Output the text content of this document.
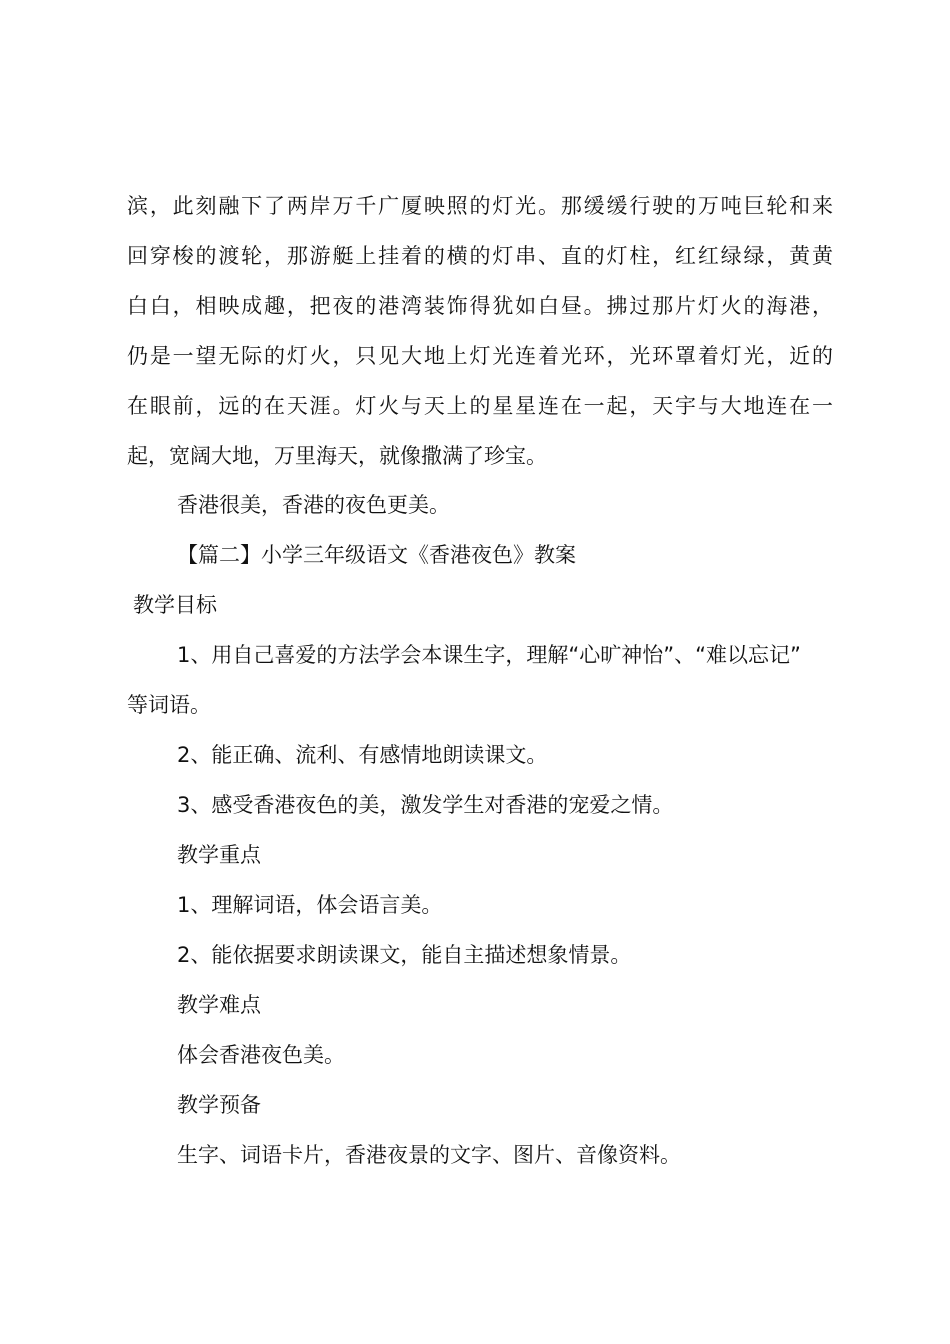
滨，此刻融下了两岸万千广厦映照的灯光。那缓缓行驶的万吨巨轮和来
回穿梭的渡轮，那游艇上挂着的横的灯串、直的灯柱，红红绿绿，黄黄
白白，相映成趣，把夜的港湾装饰得犹如白昼。拂过那片灯火的海港，
仍是一望无际的灯火，只见大地上灯光连着光环，光环罩着灯光，近的
在眼前，远的在天涯。灯火与天上的星星连在一起，天宇与大地连在一
起，宽阔大地，万里海天，就像撒满了珍宝。
香港很美，香港的夜色更美。
【篇二】小学三年级语文《香港夜色》教案
教学目标
1、用自己喜爱的方法学会本课生字，理解“心旷神怡”、“难以忘记”
等词语。
2、能正确、流利、有感情地朗读课文。
3、感受香港夜色的美，激发学生对香港的宠爱之情。
教学重点
1、理解词语，体会语言美。
2、能依据要求朗读课文，能自主描述想象情景。
教学难点
体会香港夜色美。
教学预备
生字、词语卡片，香港夜景的文字、图片、音像资料。
